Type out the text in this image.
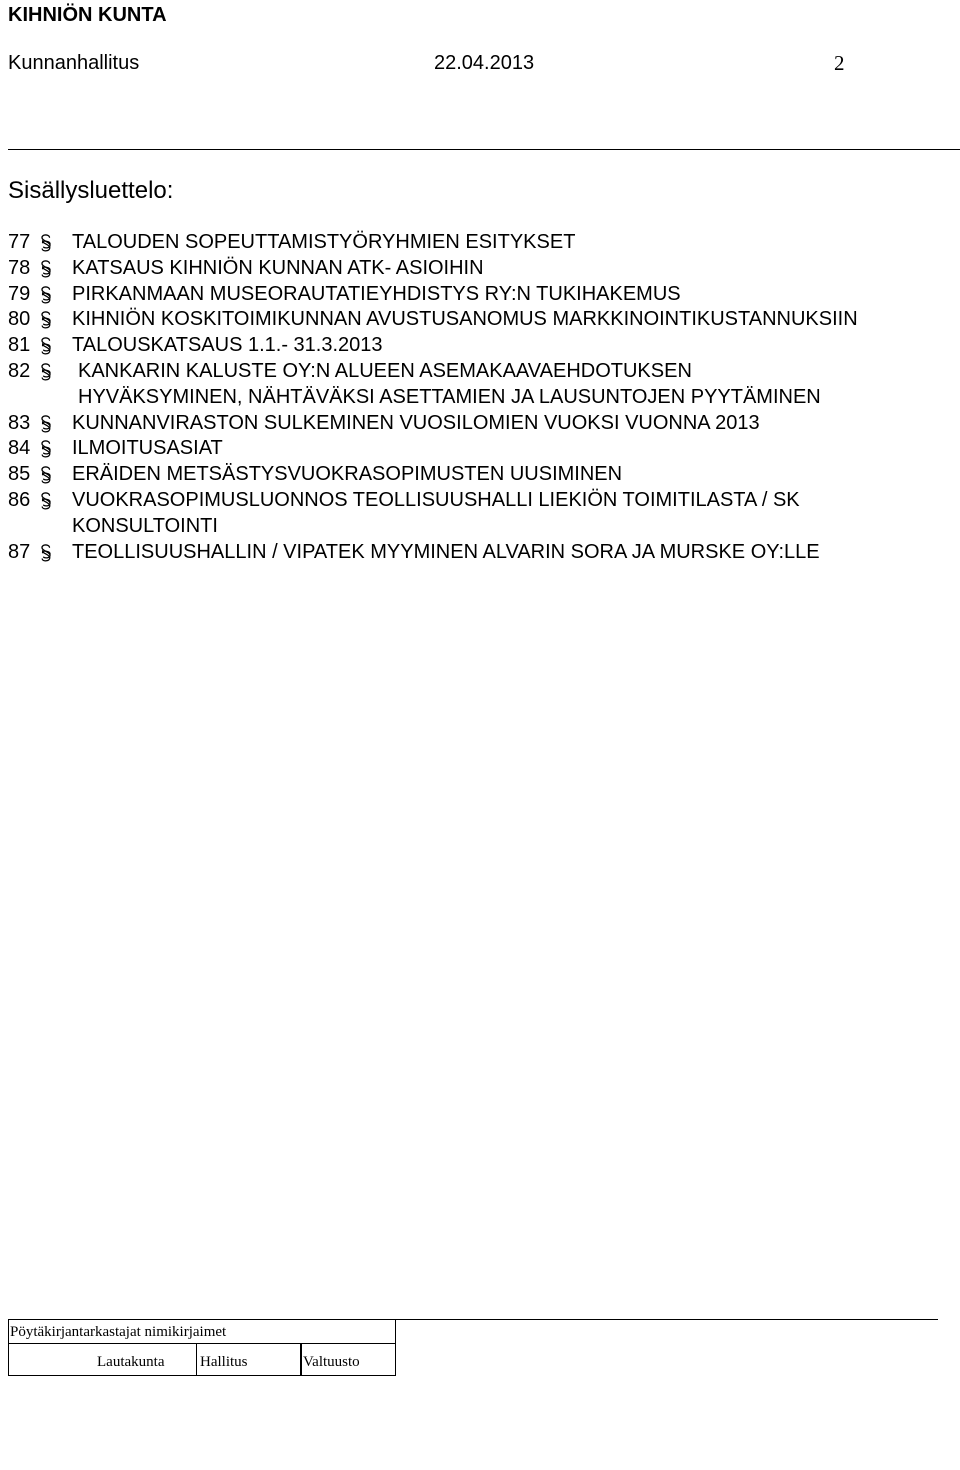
KIHNIÖN KUNTA
Kunnanhallitus	22.04.2013	2
Sisällysluettelo:
77 TALOUDEN SOPEUTTAMISTYÖRYHMIEN ESITYKSET
78 KATSAUS KIHNIÖN KUNNAN ATK- ASIOIHIN
79 PIRKANMAAN MUSEORAUTATIEYHDISTYS RY:N TUKIHAKEMUS
80 KIHNIÖN KOSKITOIMIKUNNAN AVUSTUSANOMUS MARKKINOINTIKUSTANNUKSIIN
81 TALOUSKATSAUS 1.1.- 31.3.2013
82 KANKARIN KALUSTE OY:N ALUEEN ASEMAKAAVAEHDOTUKSEN
HYVÄKSYMINEN, NÄHTÄVÄKSI ASETTAMIEN JA LAUSUNTOJEN PYYTÄMINEN
83 KUNNANVIRASTON SULKEMINEN VUOSILOMIEN VUOKSI VUONNA 2013
84 ILMOITUSASIAT
85 ERÄIDEN METSÄSTYSVUOKRASOPIMUSTEN UUSIMINEN
86 VUOKRASOPIMUSLUONNOS TEOLLISUUSHALLI LIEKIÖN TOIMITILASTA / SK
KONSULTOINTI
87 TEOLLISUUSHALLIN / VIPATEK MYYMINEN ALVARIN SORA JA MURSKE OY:LLE
Pöytäkirjantarkastajat nimikirjaimet
Lautakunta Hallitus	Valtuusto
